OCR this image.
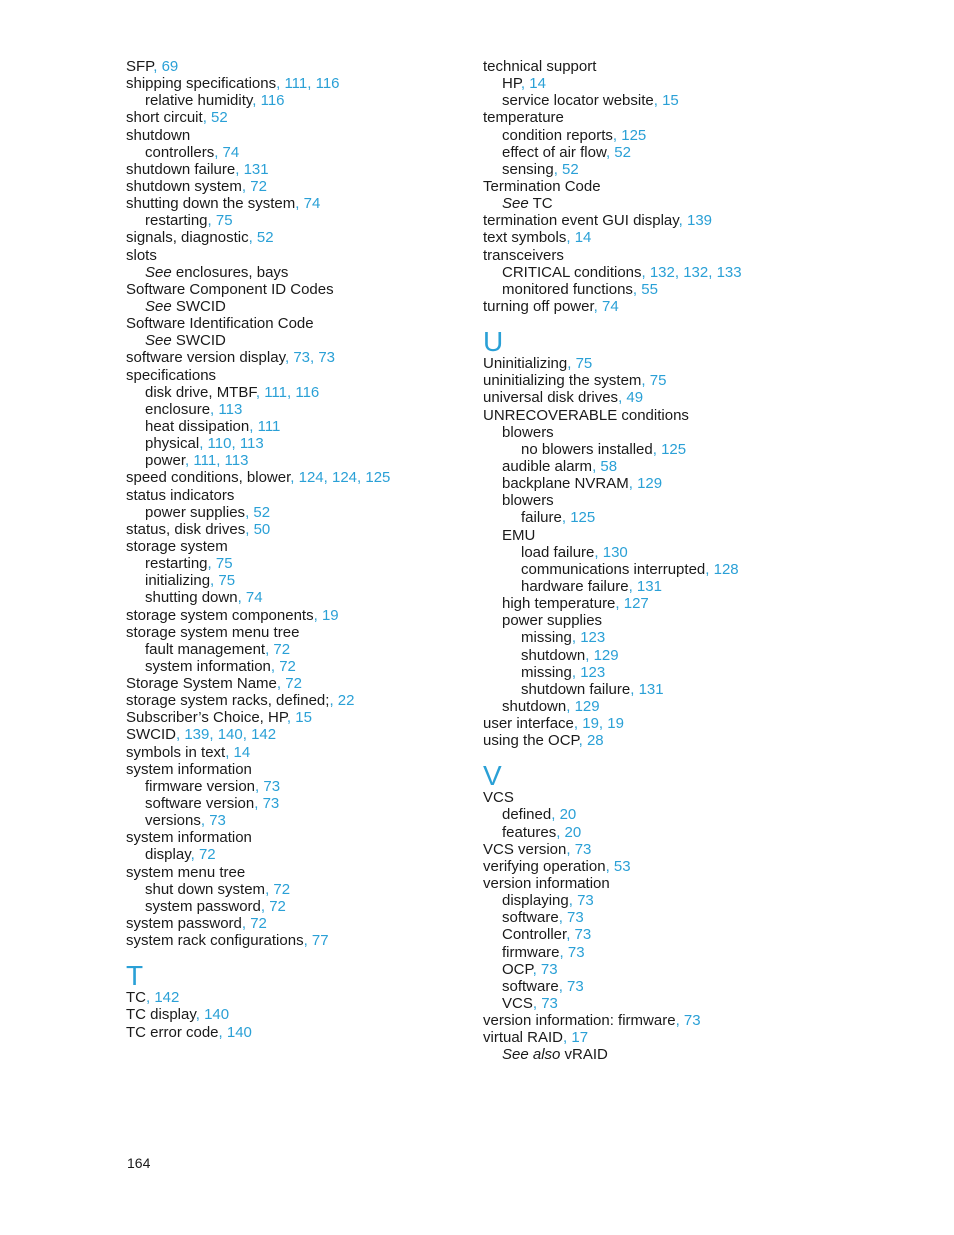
SFP, 69
shipping specifications, 111, 116
relative humidity, 116
short circuit, 52
shutdown
controllers, 74
shutdown failure, 131
shutdown system, 72
shutting down the system, 74
restarting, 75
signals, diagnostic, 52
slots
See enclosures, bays
Software Component ID Codes
See SWCID
Software Identification Code
See SWCID
software version display, 73, 73
specifications
disk drive, MTBF, 111, 116
enclosure, 113
heat dissipation, 111
physical, 110, 113
power, 111, 113
speed conditions, blower, 124, 124, 125
status indicators
power supplies, 52
status, disk drives, 50
storage system
restarting, 75
initializing, 75
shutting down, 74
storage system components, 19
storage system menu tree
fault management, 72
system information, 72
Storage System Name, 72
storage system racks, defined;, 22
Subscriber’s Choice, HP, 15
SWCID, 139, 140, 142
symbols in text, 14
system information
firmware version, 73
software version, 73
versions, 73
system information
display, 72
system menu tree
shut down system, 72
system password, 72
system password, 72
system rack configurations, 77
T
TC, 142
TC display, 140
TC error code, 140
technical support
HP, 14
service locator website, 15
temperature
condition reports, 125
effect of air flow, 52
sensing, 52
Termination Code
See TC
termination event GUI display, 139
text symbols, 14
transceivers
CRITICAL conditions, 132, 132, 133
monitored functions, 55
turning off power, 74
U
Uninitializing, 75
uninitializing the system, 75
universal disk drives, 49
UNRECOVERABLE conditions
blowers
no blowers installed, 125
audible alarm, 58
backplane NVRAM, 129
blowers
failure, 125
EMU
load failure, 130
communications interrupted, 128
hardware failure, 131
high temperature, 127
power supplies
missing, 123
shutdown, 129
missing, 123
shutdown failure, 131
shutdown, 129
user interface, 19, 19
using the OCP, 28
V
VCS
defined, 20
features, 20
VCS version, 73
verifying operation, 53
version information
displaying, 73
software, 73
Controller, 73
firmware, 73
OCP, 73
software, 73
VCS, 73
version information: firmware, 73
virtual RAID, 17
See also vRAID
164
